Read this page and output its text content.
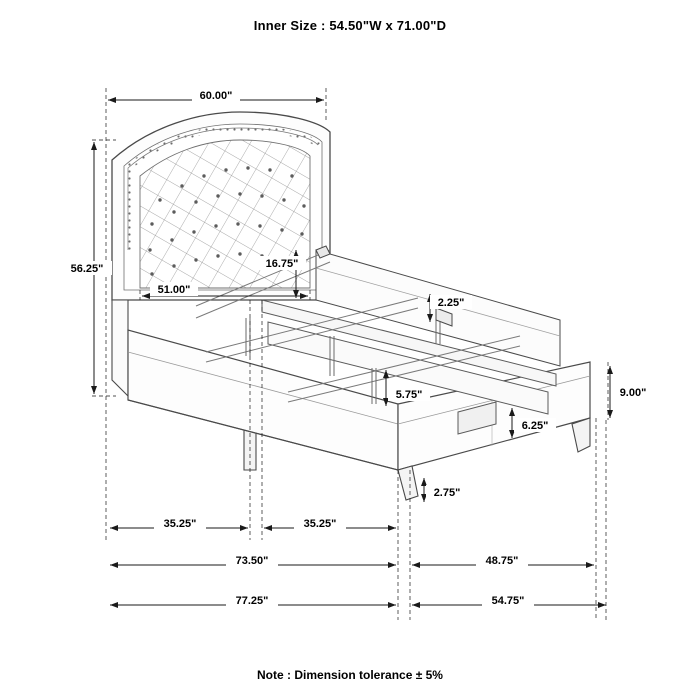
Inner Size : 54.50"W x 71.00"D
60.00"
56.25"
51.00"
16.75"
2.25"
5.75"
6.25"
2.75"
9.00"
35.25"	35.25"
73.50"	48.75"
77.25"	54.75"
Note : Dimension tolerance ± 5%
